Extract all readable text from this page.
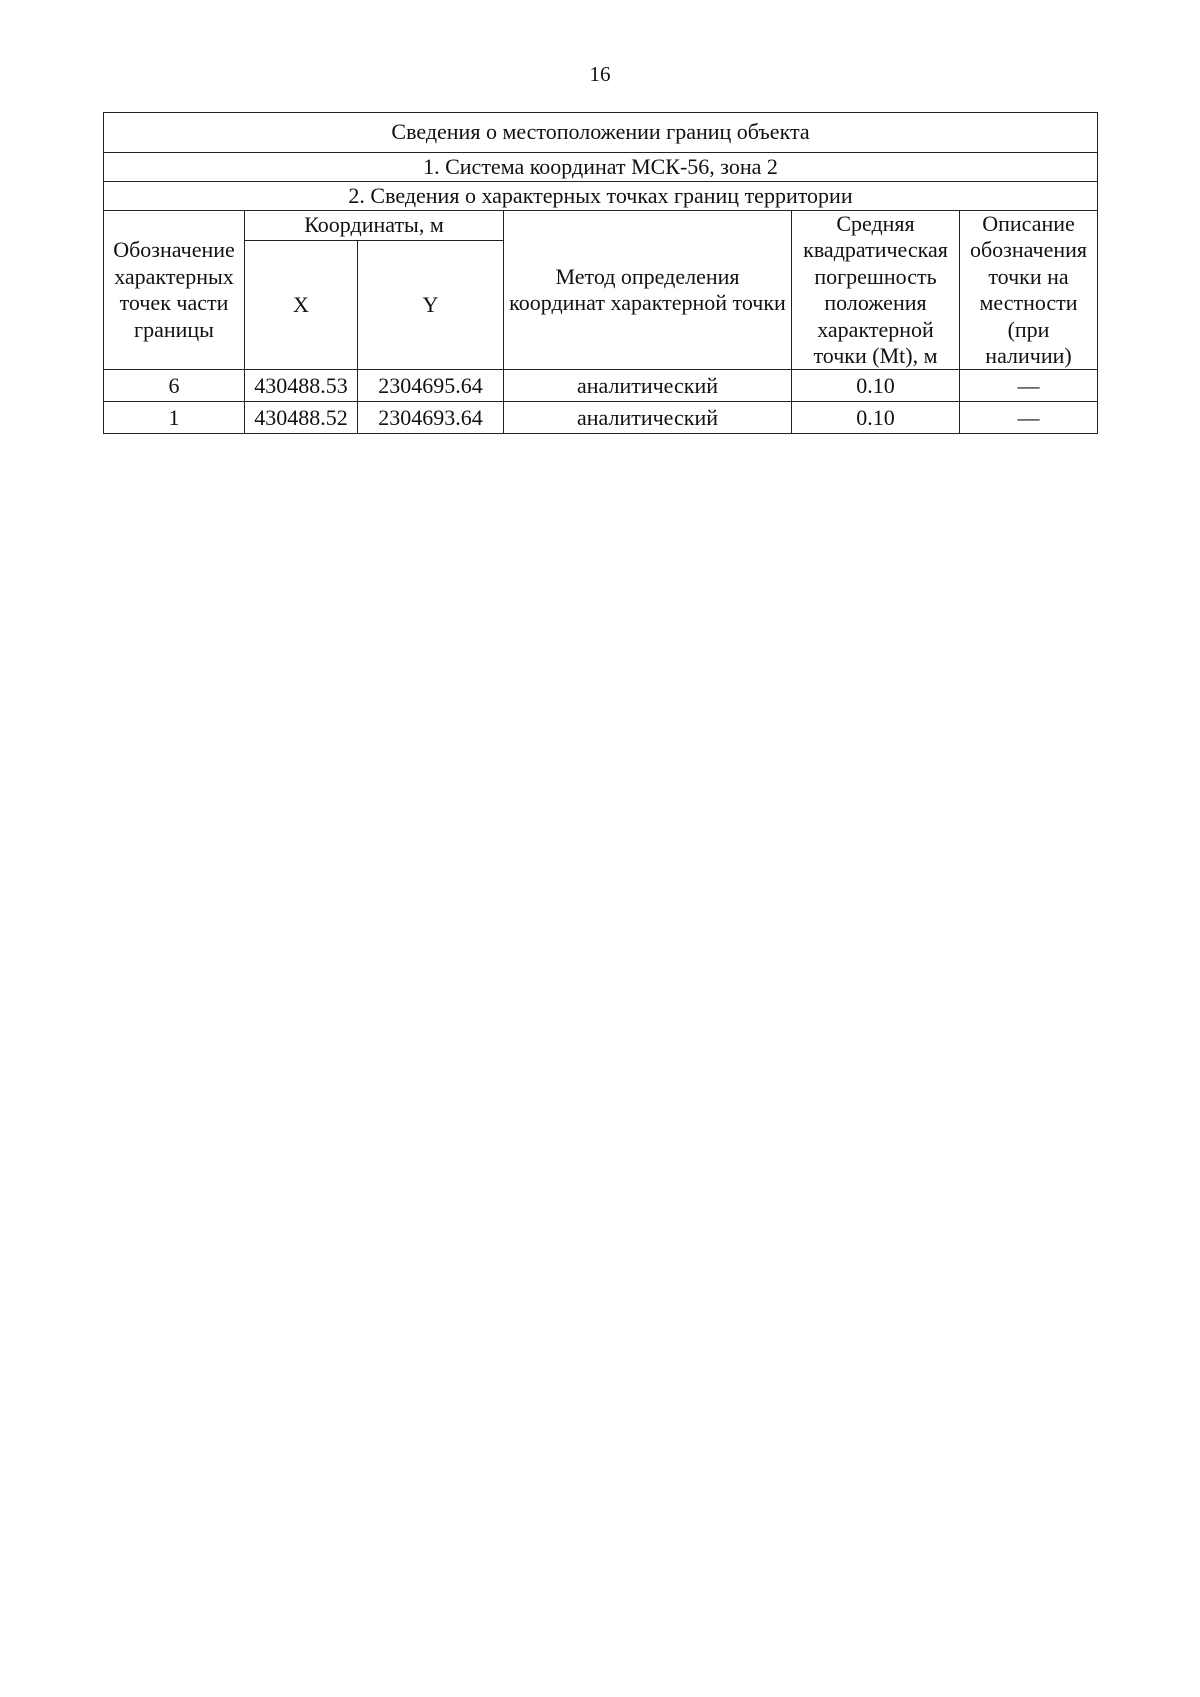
16
Сведения о местоположении границ объекта					
1. Система координат МСК-56, зона 2					
2. Сведения о характерных точках границ территории					
Обозначение характерных точек части границы	Координаты, м		Метод определения координат характерной точки	Средняя квадратическая погрешность положения характерной точки (Mt), м	Описание обозначения точки на местности (при наличии)
	X	Y			
6	430488.53	2304695.64	аналитический	0.10	—
1	430488.52	2304693.64	аналитический	0.10	—
